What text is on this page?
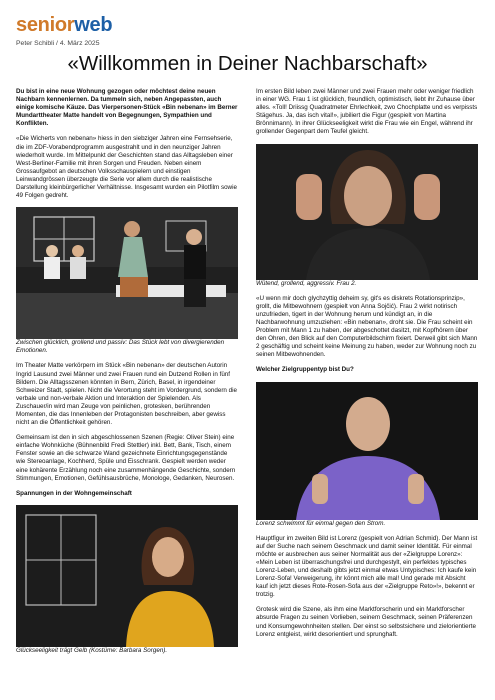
seniorweb
Peter Schibli / 4. März 2025
«Willkommen in Deiner Nachbarschaft»

Du bist in eine neue Wohnung gezogen oder möchtest deine neuen Nachbarn kennenlernen. Da tummeln sich, neben Angepassten, auch einige komische Käuze. Das Vierpersonen-Stück «Bin nebenan» im Berner Mundarttheater Matte handelt von Begegnungen, Sympathien und Konflikten.

«Die Wicherts von nebenan» hiess in den siebziger Jahren eine Fernsehserie, die im ZDF-Vorabendprogramm ausgestrahlt und in den neunziger Jahren wiederholt wurde. Im Mittelpunkt der Geschichten stand das Alltagsleben einer West-Berliner-Familie mit ihren Sorgen und Freuden. Neben einem Grossaufgebot an deutschen Volksschauspielern und einstigen Leinwandgrössen überzeugte die Serie vor allem durch die realistische Darstellung kleinbürgerlicher Verhältnisse. Insgesamt wurden ein Pilotfilm sowie 49 Folgen gedreht.

Zwischen glücklich, grollend und passiv: Das Stück lebt von divergierenden Emotionen.

Im Theater Matte verkörpern im Stück «Bin nebenan» der deutschen Autorin Ingrid Lausund zwei Männer und zwei Frauen rund ein Dutzend Rollen in fünf Bildern. Die Alltagsszenen könnten in Bern, Zürich, Basel, in irgendeiner Schweizer Stadt, spielen. Nicht die Verortung steht im Vordergrund, sondern die verbale und non-verbale Aktion und Interaktion der Spielenden. Als Zuschauer/in wird man Zeuge von peinlichen, grotesken, berührenden Momenten, die das Innenleben der Protagonisten beschreiben, aber gewiss nicht an die Öffentlichkeit gehören.

Gemeinsam ist den in sich abgeschlossenen Szenen (Regie: Oliver Stein) eine einfache Wohnküche (Bühnenbild Fredi Stettler) inkl. Bett, Bank, Tisch, einem Fenster sowie an die schwarze Wand gezeichnete Einrichtungsgegenstände wie Stereoanlage, Kochherd, Spüle und Eisschrank. Gespielt werden weder eine kohärente Erzählung noch eine zusammenhängende Geschichte, sondern Stimmungen, Emotionen, Gefühlsausbrüche, Monologe, Gedanken, Neurosen.

Spannungen in der Wohngemeinschaft

Glückseeligkeit trägt Gelb (Kostüme: Barbara Sorgen).

Im ersten Bild leben zwei Männer und zwei Frauen mehr oder weniger friedlich in einer WG. Frau 1 ist glücklich, freundlich, optimistisch, liebt ihr Zuhause über alles. «Toll! Driissg Quadratmeter Ehrlechkeit, zwo Chochplatte und es verpissts Stägehus. Ja, das isch vital!», jubiliert die Figur (gespielt von Martina Brönnimann). In ihrer Glückseeligkeit wirkt die Frau wie ein Engel, während ihr grollender Gegenpart dem Teufel gleicht.

Wütend, grollend, aggressiv. Frau 2.

«U wenn mir doch glychzyttig deheim sy, git's es diskrets Rotationsprinzip», grollt, die Mitbewohnern (gespielt von Anna Sojčić). Frau 2 wirkt notirisch unzufrieden, tigert in der Wohnung herum und kündigt an, in die Nachbarwohnung umzuziehen: «Bin nebenan», droht sie. Die Frau scheint ein Problem mit Mann 1 zu haben, der abgeschottet dasitzt, mit Kopfhörern über den Ohren, den Blick auf den Computerbildschirm fixiert. Derweil gibt sich Mann 2 geschäftig und scheint keine Meinung zu haben, weder zur Wohnung noch zu seinen Mitbewohnenden.

Welcher Zielgruppentyp bist Du?

Lorenz schwimmt für einmal gegen den Strom.

Hauptfigur im zweiten Bild ist Lorenz (gespielt von Adrian Schmid). Der Mann ist auf der Suche nach seinem Geschmack und damit seiner Identität. Für einmal möchte er ausbrechen aus seiner Normalität aus der «Zielgruppe Lorenz»: «Mein Leben ist überraschungsfrei und durchgestylt, ein perfektes typisches Lorenz-Leben, und deshalb gibts jetzt einmal etwas Untypisches: Ich kaufe kein Lorenz-Sofa! Verweigerung, ihr könnt mich alle mal! Und gerade mit Absicht kauf ich jetzt dieses Rote-Rosen-Sofa aus der «Zielgruppe Reto»!», bekennt er trotzig.

Grotesk wird die Szene, als ihm eine Marktforscherin und ein Marktforscher absurde Fragen zu seinen Vorlieben, seinem Geschmack, seinen Präferenzen und Konsumgewohnheiten stellen. Der einst so selbstsichere und zielorientierte Lorenz entgleist, wirkt desorientiert und sprunghaft.
